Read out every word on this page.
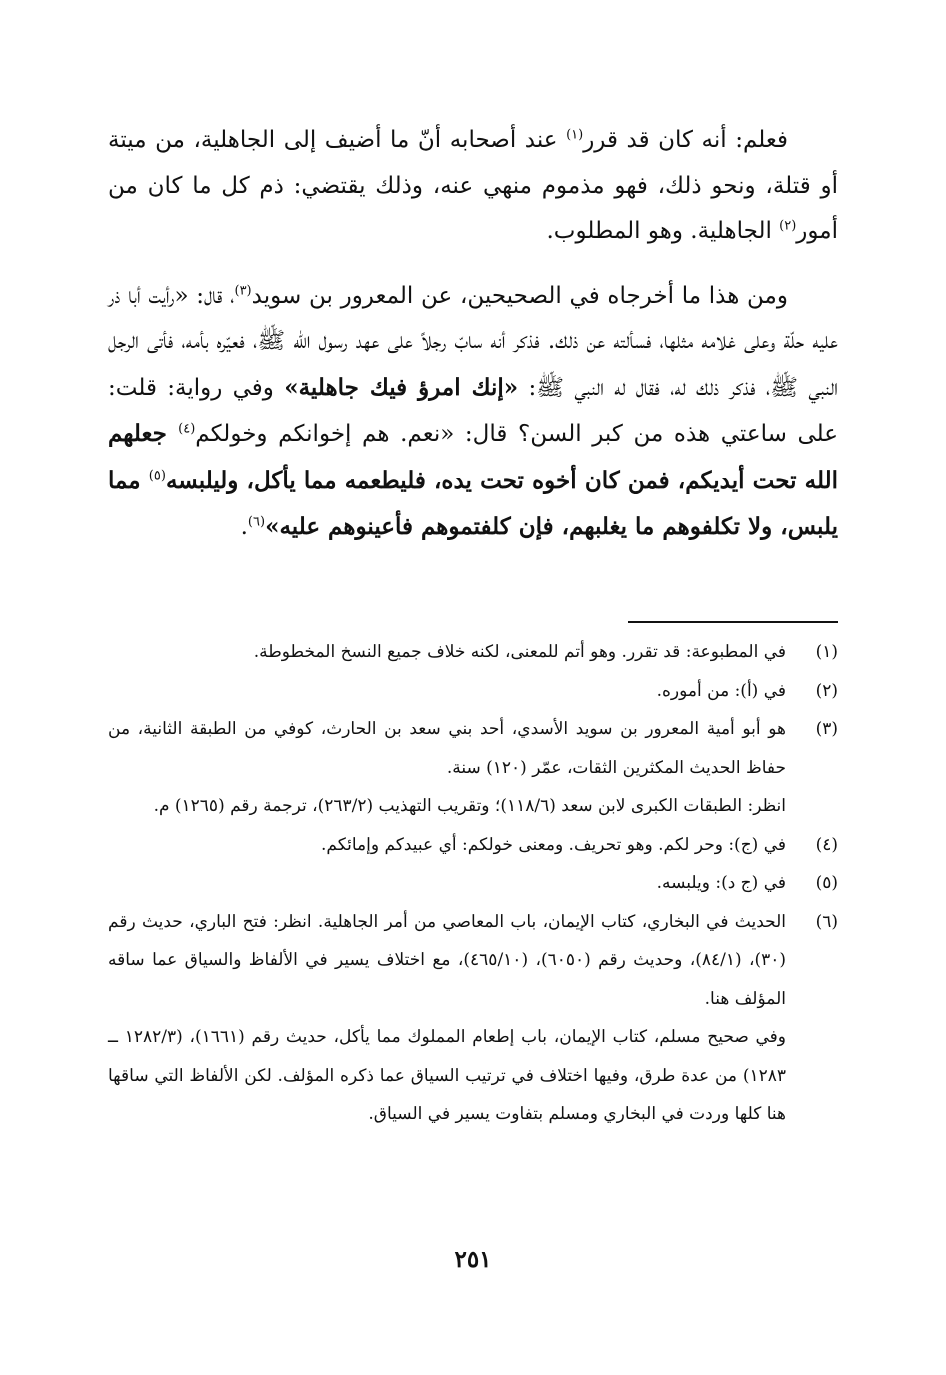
فعلم: أنه كان قد قرر$^{(١)}$ عند أصحابه أنّ ما أضيف إلى الجاهلية، من ميتة أو قتلة، ونحو ذلك، فهو مذموم منهي عنه، وذلك يقتضي: ذم كل ما كان من أمور$^{(٢)}$ الجاهلية. وهو المطلوب.

ومن هذا ما أخرجاه في الصحيحين، عن المعرور بن سويد$^{(٣)}$، قال: «رأيت أبا ذر عليه حلّة وعلى غلامه مثلها، فسألته عن ذلك. فذكر أنه سابّ رجلاً على عهد رسول الله ﷺ، فعيّره بأمه، فأتى الرجل النبي ﷺ، فذكر ذلك له، فقال له النبي ﷺ: «إنك امرؤ فيك جاهلية» وفي رواية: قلت: على ساعتي هذه من كبر السن؟ قال: «نعم. هم إخوانكم وخولكم$^{(٤)}$ جعلهم الله تحت أيديكم، فمن كان أخوه تحت يده، فليطعمه مما يأكل، وليلبسه$^{(٥)}$ مما يلبس، ولا تكلفوهم ما يغلبهم، فإن كلفتموهم فأعينوهم عليه»$^{(٦)}$.

(١)

في المطبوعة: قد تقرر. وهو أتم للمعنى، لكنه خلاف جميع النسخ المخطوطة.

(٢)

في (أ): من أموره.

(٣)

هو أبو أمية المعرور بن سويد الأسدي، أحد بني سعد بن الحارث، كوفي من الطبقة الثانية، من حفاظ الحديث المكثرين الثقات، عمّر (١٢٠) سنة.

انظر: الطبقات الكبرى لابن سعد (١١٨/٦)؛ وتقريب التهذيب (٢٦٣/٢)، ترجمة رقم (١٢٦٥) م.

(٤)

في (ج): وحر لكم. وهو تحريف. ومعنى خولكم: أي عبيدكم وإمائكم.

(٥)

في (ج د): ويلبسه.

(٦)

الحديث في البخاري، كتاب الإيمان، باب المعاصي من أمر الجاهلية. انظر: فتح الباري، حديث رقم (٣٠)، (٨٤/١)، وحديث رقم (٦٠٥٠)، (٤٦٥/١٠)، مع اختلاف يسير في الألفاظ والسياق عما ساقه المؤلف هنا.

وفي صحيح مسلم، كتاب الإيمان، باب إطعام المملوك مما يأكل، حديث رقم (١٦٦١)، (١٢٨٢/٣ ــ ١٢٨٣) من عدة طرق، وفيها اختلاف في ترتيب السياق عما ذكره المؤلف. لكن الألفاظ التي ساقها هنا كلها وردت في البخاري ومسلم بتفاوت يسير في السياق.

٢٥١
